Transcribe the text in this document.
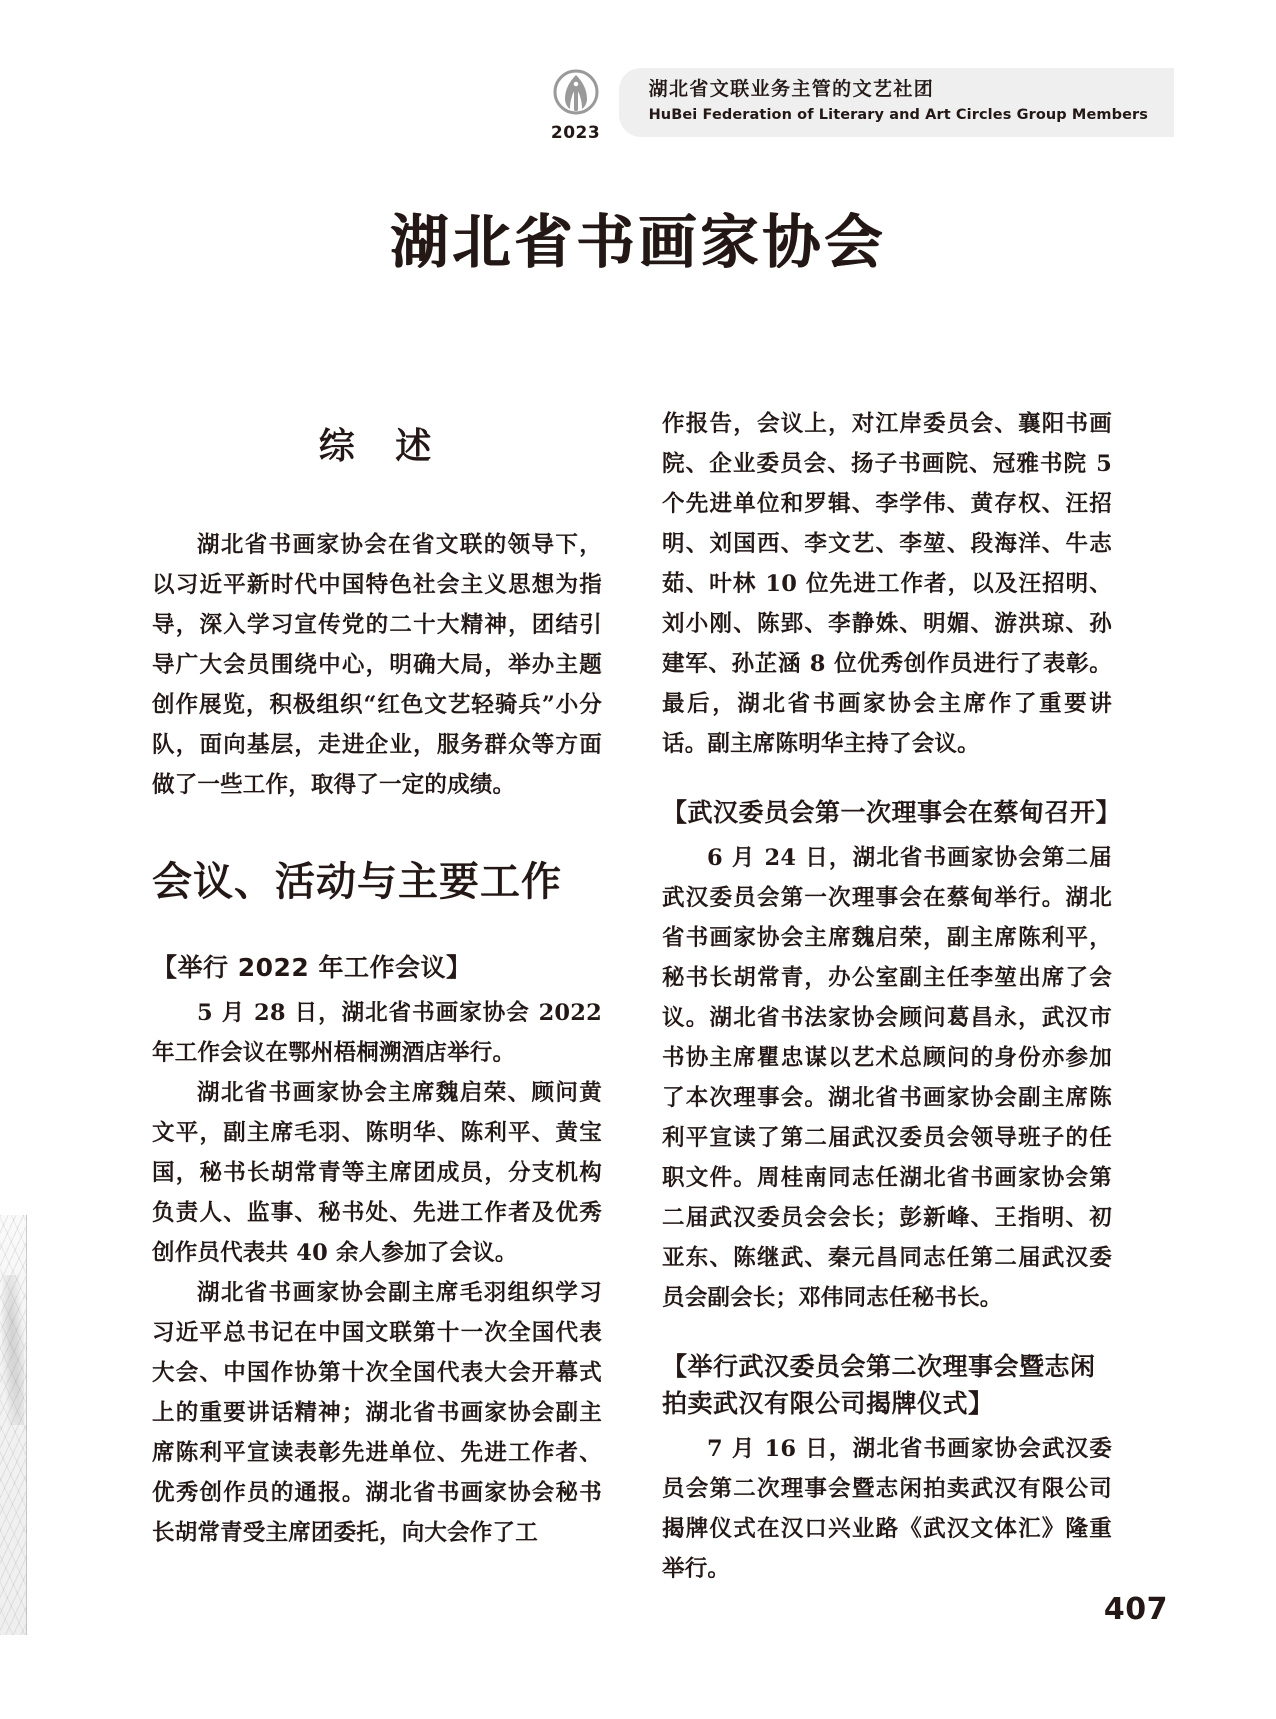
2023
湖北省文联业务主管的文艺社团
HuBei Federation of Literary and Art Circles Group Members
湖北省书画家协会
综 述

湖北省书画家协会在省文联的领导下，以习近平新时代中国特色社会主义思想为指导，深入学习宣传党的二十大精神，团结引导广大会员围绕中心，明确大局，举办主题创作展览，积极组织“红色文艺轻骑兵”小分队，面向基层，走进企业，服务群众等方面做了一些工作，取得了一定的成绩。

会议、活动与主要工作
【举行 2022 年工作会议】

5 月 28 日，湖北省书画家协会 2022 年工作会议在鄂州梧桐溯酒店举行。

湖北省书画家协会主席魏启荣、顾问黄文平，副主席毛羽、陈明华、陈利平、黄宝国，秘书长胡常青等主席团成员，分支机构负责人、监事、秘书处、先进工作者及优秀创作员代表共 40 余人参加了会议。

湖北省书画家协会副主席毛羽组织学习习近平总书记在中国文联第十一次全国代表大会、中国作协第十次全国代表大会开幕式上的重要讲话精神；湖北省书画家协会副主席陈利平宣读表彰先进单位、先进工作者、优秀创作员的通报。湖北省书画家协会秘书长胡常青受主席团委托，向大会作了工

作报告，会议上，对江岸委员会、襄阳书画院、企业委员会、扬子书画院、冠雅书院 5 个先进单位和罗辑、李学伟、黄存权、汪招明、刘国西、李文艺、李堃、段海洋、牛志茹、叶林 10 位先进工作者，以及汪招明、刘小刚、陈郢、李静姝、明媚、游洪琼、孙建军、孙芷涵 8 位优秀创作员进行了表彰。最后，湖北省书画家协会主席作了重要讲话。副主席陈明华主持了会议。

【武汉委员会第一次理事会在蔡甸召开】

6 月 24 日，湖北省书画家协会第二届武汉委员会第一次理事会在蔡甸举行。湖北省书画家协会主席魏启荣，副主席陈利平，秘书长胡常青，办公室副主任李堃出席了会议。湖北省书法家协会顾问葛昌永，武汉市书协主席瞿忠谋以艺术总顾问的身份亦参加了本次理事会。湖北省书画家协会副主席陈利平宣读了第二届武汉委员会领导班子的任职文件。周桂南同志任湖北省书画家协会第二届武汉委员会会长；彭新峰、王指明、初亚东、陈继武、秦元昌同志任第二届武汉委员会副会长；邓伟同志任秘书长。

【举行武汉委员会第二次理事会暨志闲拍卖武汉有限公司揭牌仪式】

7 月 16 日，湖北省书画家协会武汉委员会第二次理事会暨志闲拍卖武汉有限公司揭牌仪式在汉口兴业路《武汉文体汇》隆重举行。

407
